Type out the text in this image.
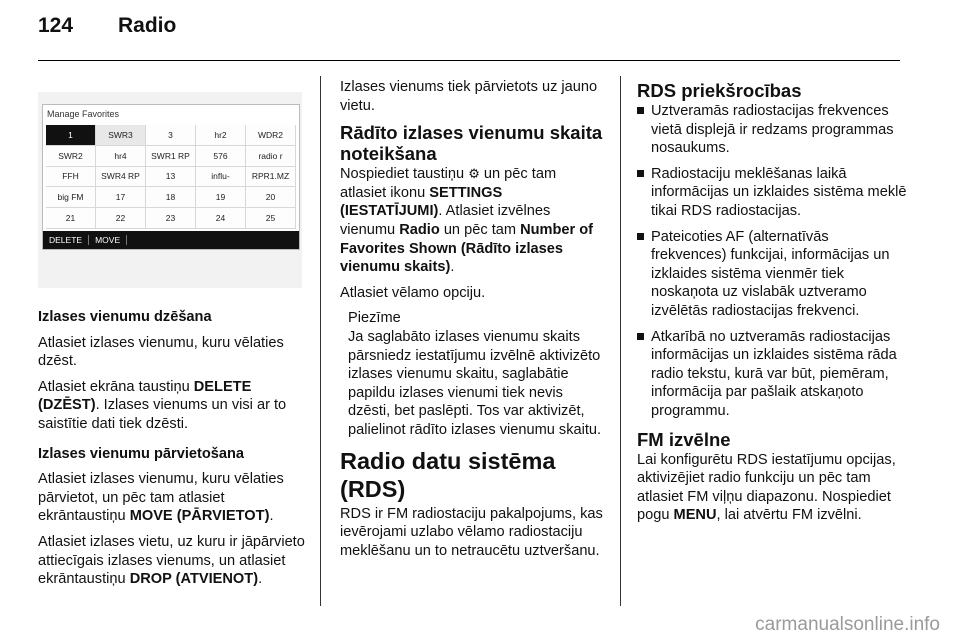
124 Radio
Manage Favorites
1	SWR3	3	hr2	WDR2
SWR2	hr4	SWR1 RP	576	radio r
FFH	SWR4 RP	13	influ-	RPR1.MZ
big FM	17	18	19	20
21	22	23	24	25
DELETE	MOVE

Izlases vienumu dzēšana

Atlasiet izlases vienumu, kuru vēlaties dzēst.

Atlasiet ekrāna taustiņu DELETE (DZĒST). Izlases vienums un visi ar to saistītie dati tiek dzēsti.

Izlases vienumu pārvietošana

Atlasiet izlases vienumu, kuru vēlaties pārvietot, un pēc tam atlasiet ekrāntaustiņu MOVE (PĀRVIETOT).

Atlasiet izlases vietu, uz kuru ir jāpārvieto attiecīgais izlases vienums, un atlasiet ekrāntaustiņu DROP (ATVIENOT).

Izlases vienums tiek pārvietots uz jauno vietu.

Rādīto izlases vienumu skaita noteikšana

Nospiediet taustiņu ⚙ un pēc tam atlasiet ikonu SETTINGS (IESTATĪJUMI). Atlasiet izvēlnes vienumu Radio un pēc tam Number of Favorites Shown (Rādīto izlases vienumu skaits).

Atlasiet vēlamo opciju.

Piezīme

Ja saglabāto izlases vienumu skaits pārsniedz iestatījumu izvēlnē aktivizēto izlases vienumu skaitu, saglabātie papildu izlases vienumi tiek nevis dzēsti, bet paslēpti. Tos var aktivizēt, palielinot rādīto izlases vienumu skaitu.

Radio datu sistēma (RDS)

RDS ir FM radiostaciju pakalpojums, kas ievērojami uzlabo vēlamo radiostaciju meklēšanu un to netraucētu uztveršanu.

RDS priekšrocības
Uztveramās radiostacijas frekvences vietā displejā ir redzams programmas nosaukums.
Radiostaciju meklēšanas laikā informācijas un izklaides sistēma meklē tikai RDS radiostacijas.
Pateicoties AF (alternatīvās frekvences) funkcijai, informācijas un izklaides sistēma vienmēr tiek noskaņota uz vislabāk uztveramo izvēlētās radiostacijas frekvenci.
Atkarībā no uztveramās radiostacijas informācijas un izklaides sistēma rāda radio tekstu, kurā var būt, piemēram, informācija par pašlaik atskaņoto programmu.
FM izvēlne

Lai konfigurētu RDS iestatījumu opcijas, aktivizējiet radio funkciju un pēc tam atlasiet FM viļņu diapazonu. Nospiediet pogu MENU, lai atvērtu FM izvēlni.

carmanualsonline.info
